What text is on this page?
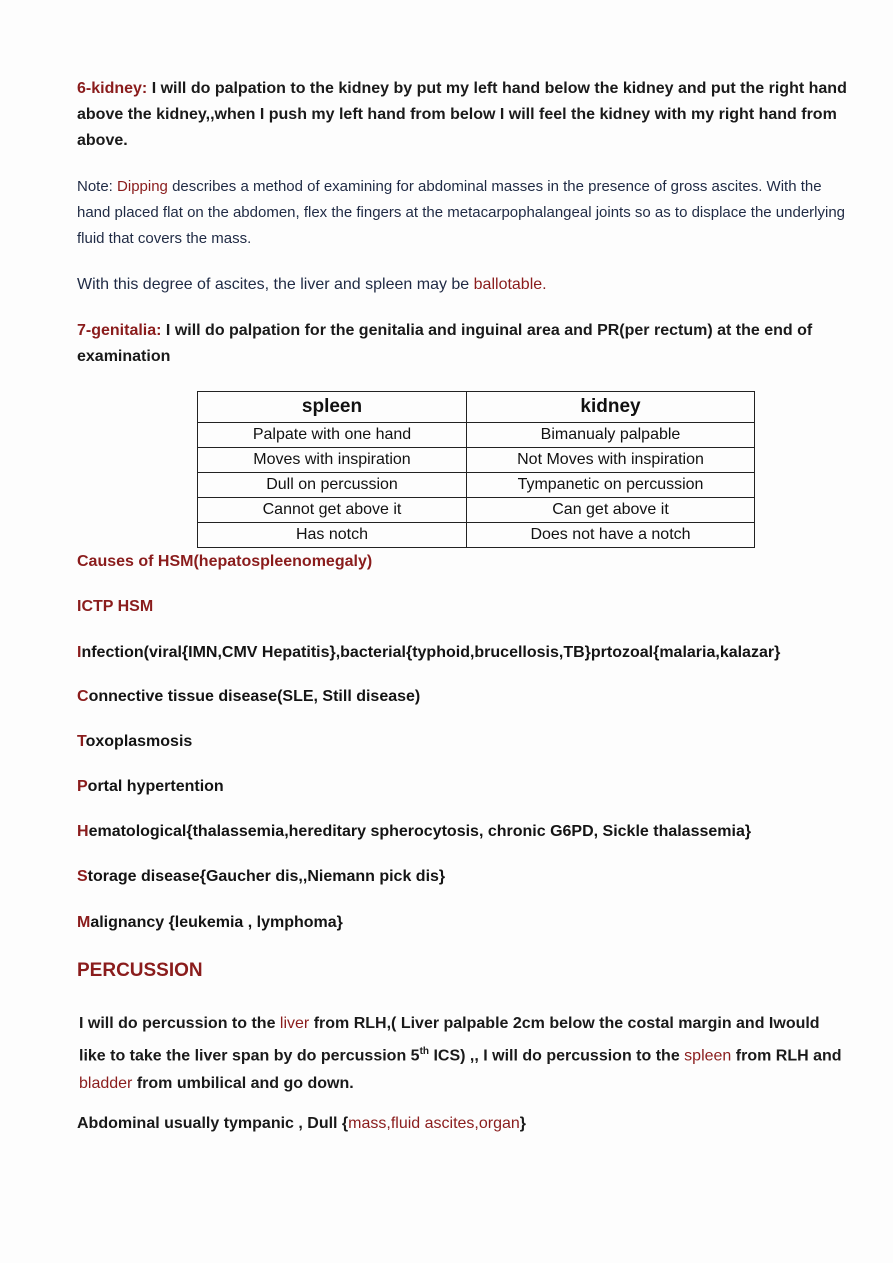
6-kidney: I will do palpation to the kidney by put my left hand below the kidney and put the right hand above the kidney,,when I push my left hand from below I will feel the kidney with my right hand from above.
Note: Dipping describes a method of examining for abdominal masses in the presence of gross ascites. With the hand placed flat on the abdomen, flex the fingers at the metacarpophalangeal joints so as to displace the underlying fluid that covers the mass.
With this degree of ascites, the liver and spleen may be ballotable.
7-genitalia: I will do palpation for the genitalia and inguinal area and PR(per rectum) at the end of examination
spleen	kidney
Palpate with one hand	Bimanualy palpable
Moves with inspiration	Not Moves with inspiration
Dull on percussion	Tympanetic on percussion
Cannot get above it	Can get above it
Has notch	Does not have a notch
Causes of HSM(hepatospleenomegaly)
ICTP HSM
Infection(viral{IMN,CMV Hepatitis},bacterial{typhoid,brucellosis,TB}prtozoal{malaria,kalazar}
Connective tissue disease(SLE, Still disease)
Toxoplasmosis
Portal hypertention
Hematological{thalassemia,hereditary spherocytosis, chronic G6PD, Sickle thalassemia}
Storage disease{Gaucher dis,,Niemann pick dis}
Malignancy {leukemia , lymphoma}
PERCUSSION
I will do percussion to the liver from RLH,( Liver palpable 2cm below the costal margin and Iwould like to take the liver span by do percussion 5th ICS) ,, I will do percussion to the spleen from RLH and bladder from umbilical and go down.
Abdominal usually tympanic , Dull {mass,fluid ascites,organ}
